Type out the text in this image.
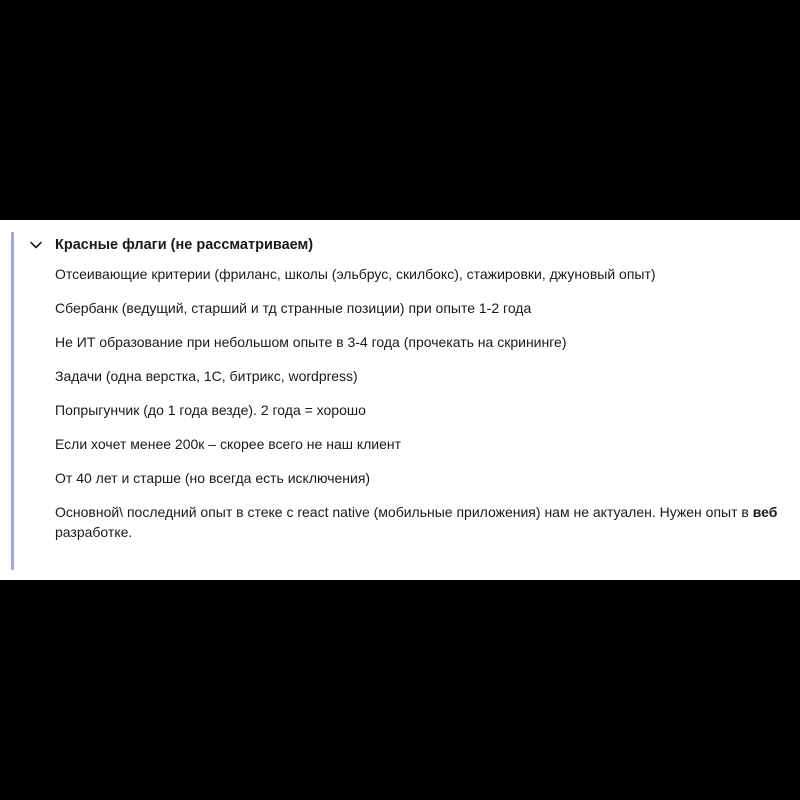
Красные флаги (не рассматриваем)
Отсеивающие критерии (фриланс, школы (эльбрус, скилбокс), стажировки, джуновый опыт)
Сбербанк (ведущий, старший и тд странные позиции) при опыте 1-2 года
Не ИТ образование при небольшом опыте в 3-4 года (прочекать на скрининге)
Задачи (одна верстка, 1С, битрикс, wordpress)
Попрыгунчик (до 1 года везде). 2 года = хорошо
Если хочет менее 200к – скорее всего не наш клиент
От 40 лет и старше (но всегда есть исключения)
Основной\ последний опыт в стеке с react native (мобильные приложения) нам не актуален. Нужен опыт в веб разработке.
